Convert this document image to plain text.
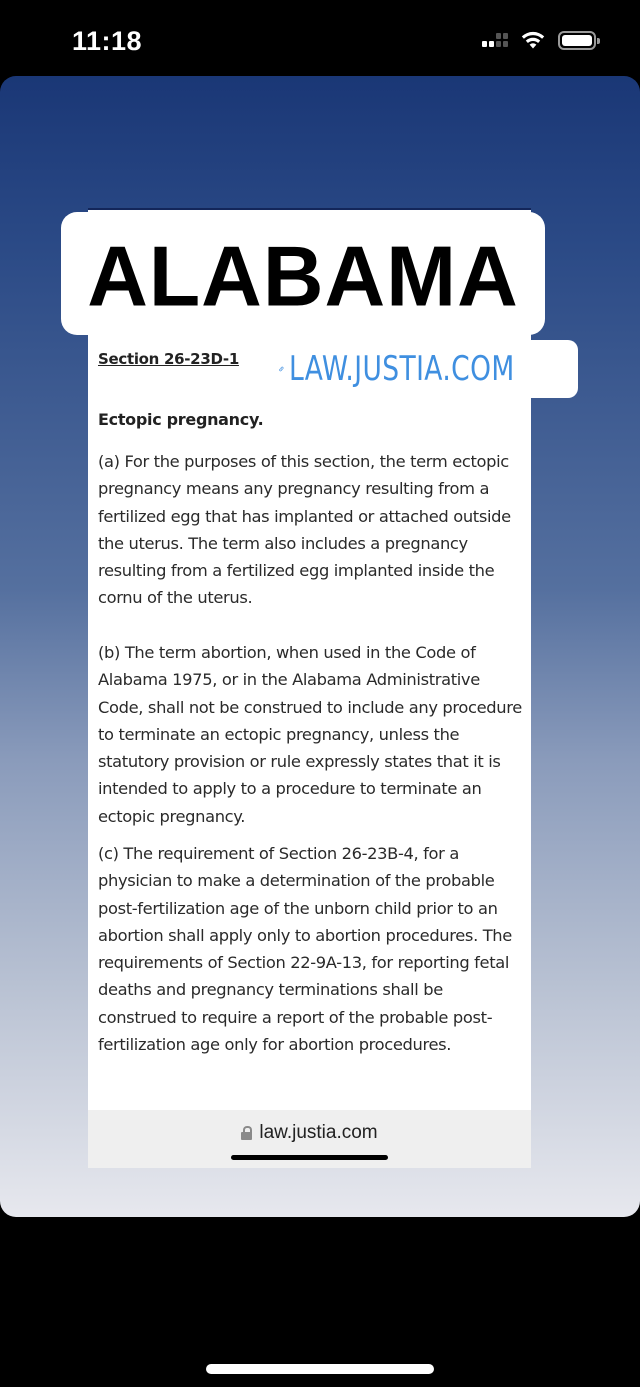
11:18
Section 26-23D-1
Ectopic pregnancy.

(a) For the purposes of this section, the term ectopic pregnancy means any pregnancy resulting from a fertilized egg that has implanted or attached outside the uterus. The term also includes a pregnancy resulting from a fertilized egg implanted inside the cornu of the uterus.

(b) The term abortion, when used in the Code of Alabama 1975, or in the Alabama Administrative Code, shall not be construed to include any procedure to terminate an ectopic pregnancy, unless the statutory provision or rule expressly states that it is intended to apply to a procedure to terminate an ectopic pregnancy.

(c) The requirement of Section 26-23B-4, for a physician to make a determination of the probable post-fertilization age of the unborn child prior to an abortion shall apply only to abortion procedures. The requirements of Section 22-9A-13, for reporting fetal deaths and pregnancy terminations shall be construed to require a report of the probable post-fertilization age only for abortion procedures.

law.justia.com
ALABAMA
LAW.JUSTIA.COM
